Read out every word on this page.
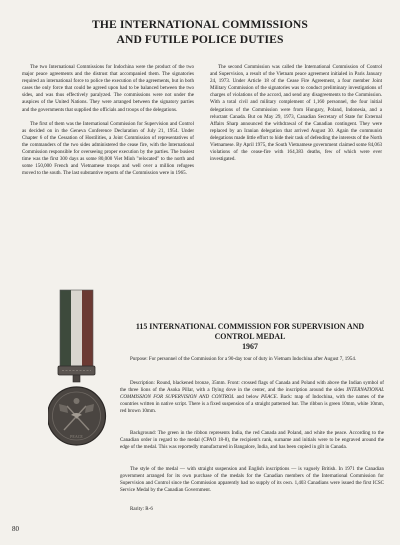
THE INTERNATIONAL COMMISSIONS
AND FUTILE POLICE DUTIES

The two International Commissions for Indochina were the product of the two major peace agreements and the distrust that accompanied them. The signatories required an international force to police the execution of the agreements, but in both cases the only force that could be agreed upon had to be balanced between the two sides, and was thus effectively paralyzed. The commissions were not under the auspices of the United Nations. They were arranged between the signatory parties and the governments that supplied the officials and troops of the delegations.

The first of them was the International Commission for Supervision and Control as decided on in the Geneva Conference Declaration of July 21, 1954. Under Chapter 6 of the Cessation of Hostilities, a Joint Commission of representatives of the commanders of the two sides administered the cease fire, with the International Commission responsible for overseeing proper execution by the parties. The busiest time was the first 300 days as some 80,000 Viet Minh "relocated" to the north and some 150,000 French and Vietnamese troops and well over a million refugees moved to the south. The last substantive reports of the Commission were in 1965.

The second Commission was called the International Commission of Control and Supervision, a result of the Vietnam peace agreement initialed in Paris January 24, 1973. Under Article 18 of the Cease Fire Agreement, a four member Joint Military Commission of the signatories was to conduct preliminary investigations of charges of violations of the accord, and send any disagreements to the Commission. With a total civil and military complement of 1,160 personnel, the four initial delegations of the Commission were from Hungary, Poland, Indonesia, and a reluctant Canada. But on May 29, 1973, Canadian Secretary of State for External Affairs Sharp announced the withdrawal of the Canadian contingent. They were replaced by an Iranian delegation that arrived August 30. Again the communist delegations made little effort to hide their task of defending the interests of the North Vietnamese. By April 1975, the South Vietnamese government claimed some 84,063 violations of the cease-fire with 164,383 deaths, few of which were ever investigated.

PEACE
115 INTERNATIONAL COMMISSION FOR SUPERVISION AND
CONTROL MEDAL
1967

Purpose: For personnel of the Commission for a 90-day tour of duty in Vietnam Indochina after August 7, 1954.

Description: Round, blackened bronze, 35mm. Front: crossed flags of Canada and Poland with above the Indian symbol of the three lions of the Asoka Pillar, with a flying dove in the center, and the inscription around the sides INTERNATIONAL COMMISSION FOR SUPERVISION AND CONTROL and below PEACE. Back: map of Indochina, with the names of the countries written in native script. There is a fixed suspension of a straight patterned bar. The ribbon is green 10mm, white 10mm, red brown 10mm.

Background: The green in the ribbon represents India, the red Canada and Poland, and white the peace. According to the Canadian order in regard to the medal (CPAO 18-8), the recipient's rank, surname and initials were to be engraved around the edge of the medal. This was reportedly manufactured in Bangalore, India, and has been copied in gilt in Canada.

The style of the medal — with straight suspension and English inscriptions — is vaguely British. In 1971 the Canadian government arranged for its own purchase of the medals for the Canadian members of the International Commission for Supervision and Control since the Commission apparently had no supply of its own. 1,403 Canadians were issued the first ICSC Service Medal by the Canadian Government.

Rarity: R-6

80
